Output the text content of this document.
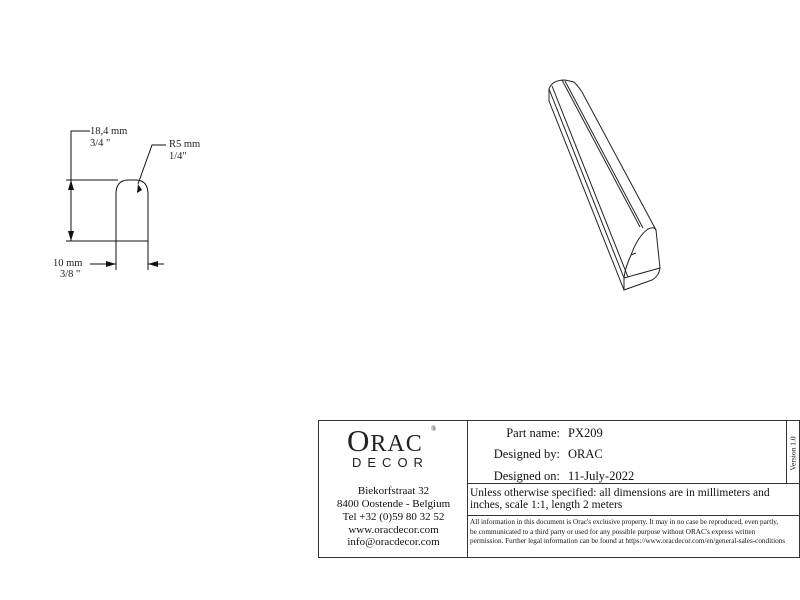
18,4 mm
3/4 "	R5 mm
1/4"
10 mm
3/8 "
ORAC
®
DECOR
Biekorfstraat 32
8400 Oostende - Belgium
Tel +32 (0)59 80 32 52
www.oracdecor.com
info@oracdecor.com
Part name: PX209
Designed by: ORAC
Designed on: 11-July-2022
Unless otherwise specified: all dimensions are in millimeters and inches, scale 1:1, length 2 meters
All information in this document is Orac's exclusive property. It may in no case be reproduced, even partly, be communicated to a third party or used for any possible purpose without ORAC's express written permission. Further legal information can be found at https://www.oracdecor.com/en/general-sales-conditions
Version 1.0
